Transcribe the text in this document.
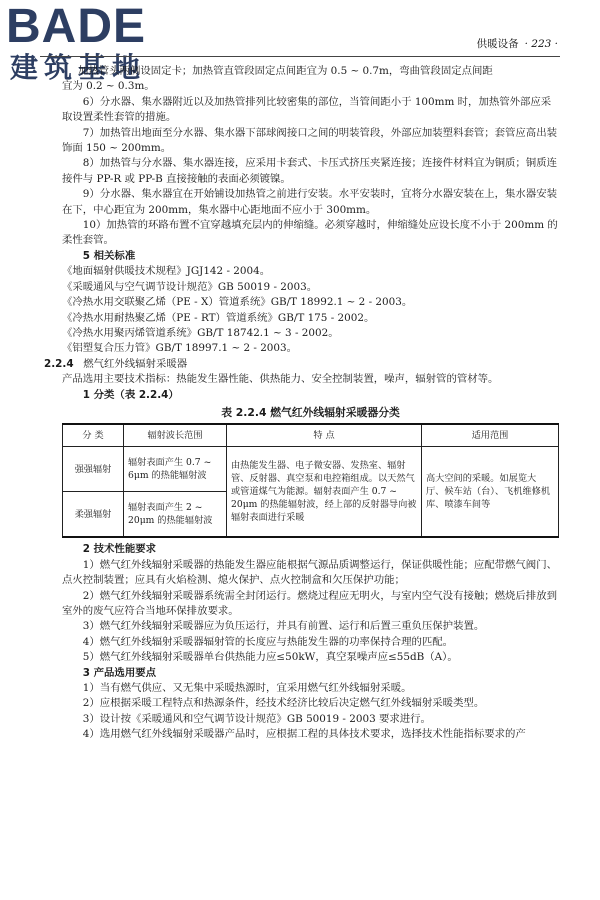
BADE
建筑基地
供暖设备 · 223 ·

加热管头两侧设固定卡；加热管直管段固定点间距宜为 0.5 ~ 0.7m，弯曲管段固定点间距

宜为 0.2 ~ 0.3m。

6）分水器、集水器附近以及加热管排列比较密集的部位，当管间距小于 100mm 时，加热管外部应采取设置柔性套管的措施。

7）加热管出地面至分水器、集水器下部球阀接口之间的明装管段，外部应加装塑料套管；套管应高出装饰面 150 ~ 200mm。

8）加热管与分水器、集水器连接，应采用卡套式、卡压式挤压夹紧连接；连接件材料宜为铜质；铜质连接件与 PP-R 或 PP-B 直接接触的表面必须镀镍。

9）分水器、集水器宜在开始铺设加热管之前进行安装。水平安装时，宜将分水器安装在上，集水器安装在下，中心距宜为 200mm，集水器中心距地面不应小于 300mm。

10）加热管的环路布置不宜穿越填充层内的伸缩缝。必须穿越时，伸缩缝处应设长度不小于 200mm 的柔性套管。

5 相关标准

《地面辐射供暖技术规程》JGJ142 - 2004。

《采暖通风与空气调节设计规范》GB 50019 - 2003。

《冷热水用交联聚乙烯（PE - X）管道系统》GB/T 18992.1 ~ 2 - 2003。

《冷热水用耐热聚乙烯（PE - RT）管道系统》GB/T 175 - 2002。

《冷热水用聚丙烯管道系统》GB/T 18742.1 ~ 3 - 2002。

《铝塑复合压力管》GB/T 18997.1 ~ 2 - 2003。

2.2.4 燃气红外线辐射采暖器

产品选用主要技术指标：热能发生器性能、供热能力、安全控制装置，噪声，辐射管的管材等。

1 分类（表 2.2.4）

表 2.2.4 燃气红外线辐射采暖器分类
分 类	辐射波长范围	特 点	适用范围
强强辐射	辐射表面产生 0.7 ~ 6μm 的热能辐射波	由热能发生器、电子微安器、发热室、辐射管、反射器、真空泵和电控箱组成。以天然气或管道煤气为能源。辐射表面产生 0.7 ~ 20μm 的热能辐射波，经上部的反射器导向被辐射表面进行采暖	高大空间的采暖。如展览大厅、候车站（台）、飞机维修机库、喷漆车间等
柔强辐射	辐射表面产生 2 ~ 20μm 的热能辐射波		

2 技术性能要求

1）燃气红外线辐射采暖器的热能发生器应能根据气源品质调整运行，保证供暖性能；应配带燃气阀门、点火控制装置；应具有火焰检测、熄火保护、点火控制盒和欠压保护功能；

2）燃气红外线辐射采暖器系统需全封闭运行。燃烧过程应无明火，与室内空气没有接触；燃烧后排放到室外的废气应符合当地环保排放要求。

3）燃气红外线辐射采暖器应为负压运行，并具有前置、运行和后置三重负压保护装置。

4）燃气红外线辐射采暖器辐射管的长度应与热能发生器的功率保持合理的匹配。

5）燃气红外线辐射采暖器单台供热能力应≤50kW，真空泵噪声应≤55dB（A）。

3 产品选用要点

1）当有燃气供应、又无集中采暖热源时，宜采用燃气红外线辐射采暖。

2）应根据采暖工程特点和热源条件，经技术经济比较后决定燃气红外线辐射采暖类型。

3）设计按《采暖通风和空气调节设计规范》GB 50019 - 2003 要求进行。

4）选用燃气红外线辐射采暖器产品时，应根据工程的具体技术要求，选择技术性能指标要求的产
